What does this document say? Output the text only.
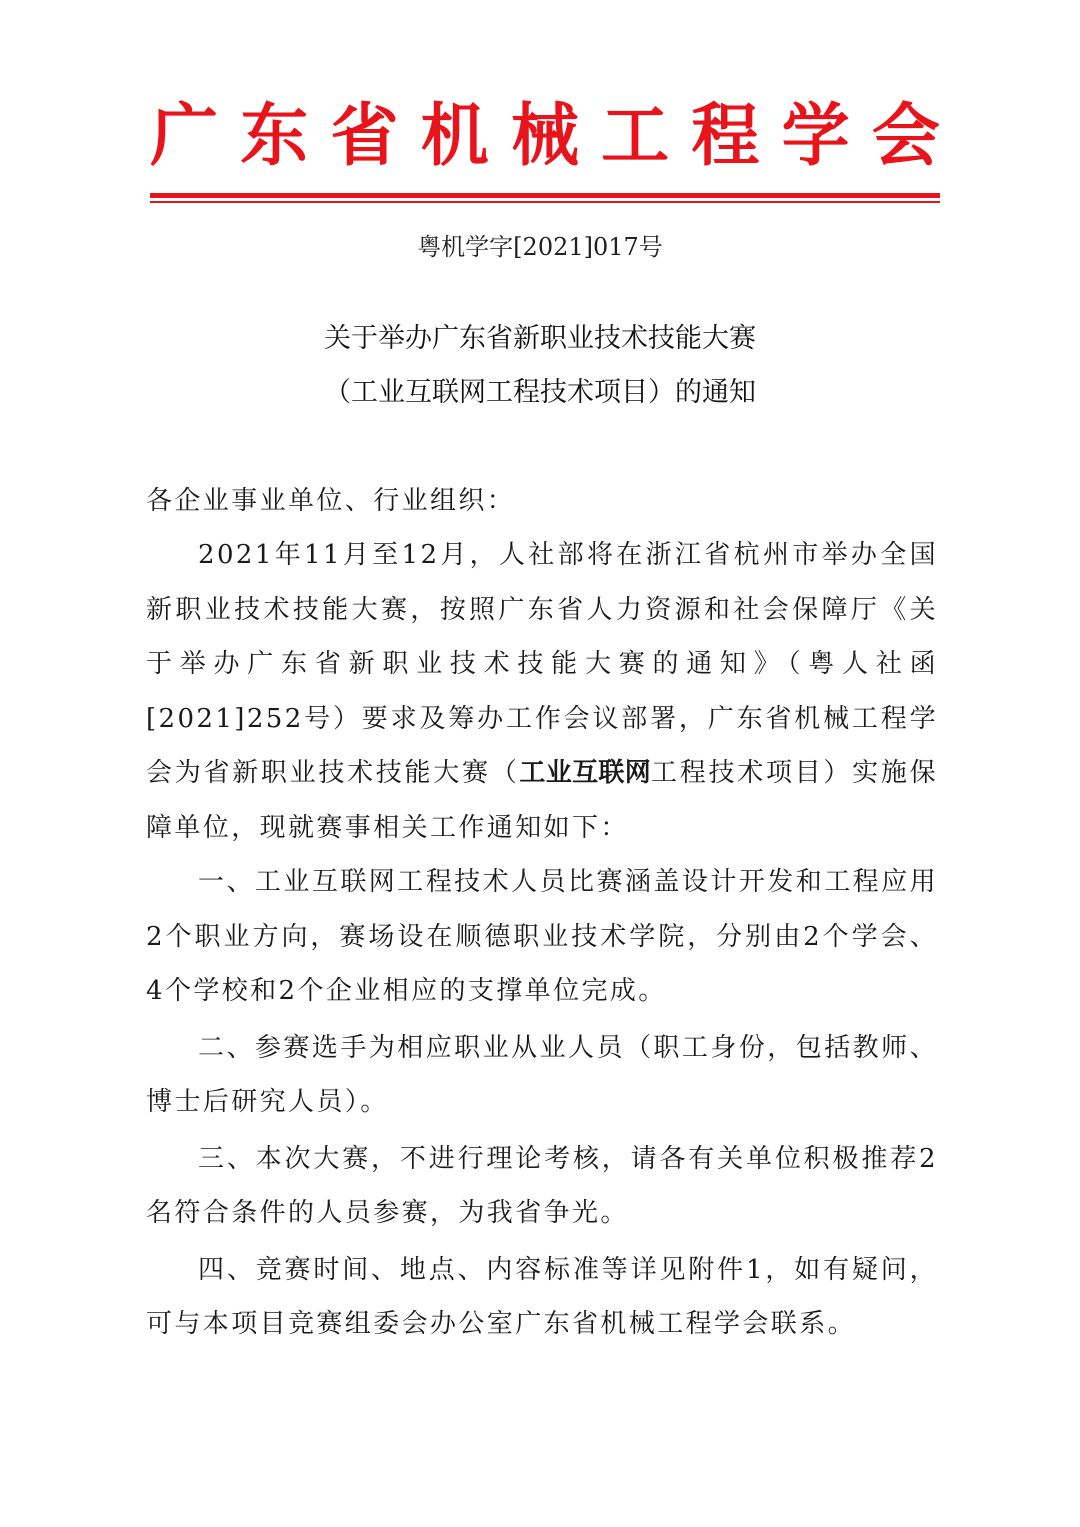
广 东 省 机 械 工 程 学 会
粤机学字[2021]017号
关于举办广东省新职业技术技能大赛
（工业互联网工程技术项目）的通知

各企业事业单位、行业组织：

2021年11月至12月，人社部将在浙江省杭州市举办全国新职业技术技能大赛，按照广东省人力资源和社会保障厅《关于举办广东省新职业技术技能大赛的通知》（粤人社函[2021]252号）要求及筹办工作会议部署，广东省机械工程学会为省新职业技术技能大赛（工业互联网工程技术项目）实施保障单位，现就赛事相关工作通知如下：

一、工业互联网工程技术人员比赛涵盖设计开发和工程应用2个职业方向，赛场设在顺德职业技术学院，分别由2个学会、4个学校和2个企业相应的支撑单位完成。

二、参赛选手为相应职业从业人员（职工身份，包括教师、博士后研究人员）。

三、本次大赛，不进行理论考核，请各有关单位积极推荐2名符合条件的人员参赛，为我省争光。

四、竞赛时间、地点、内容标准等详见附件1，如有疑问，可与本项目竞赛组委会办公室广东省机械工程学会联系。
